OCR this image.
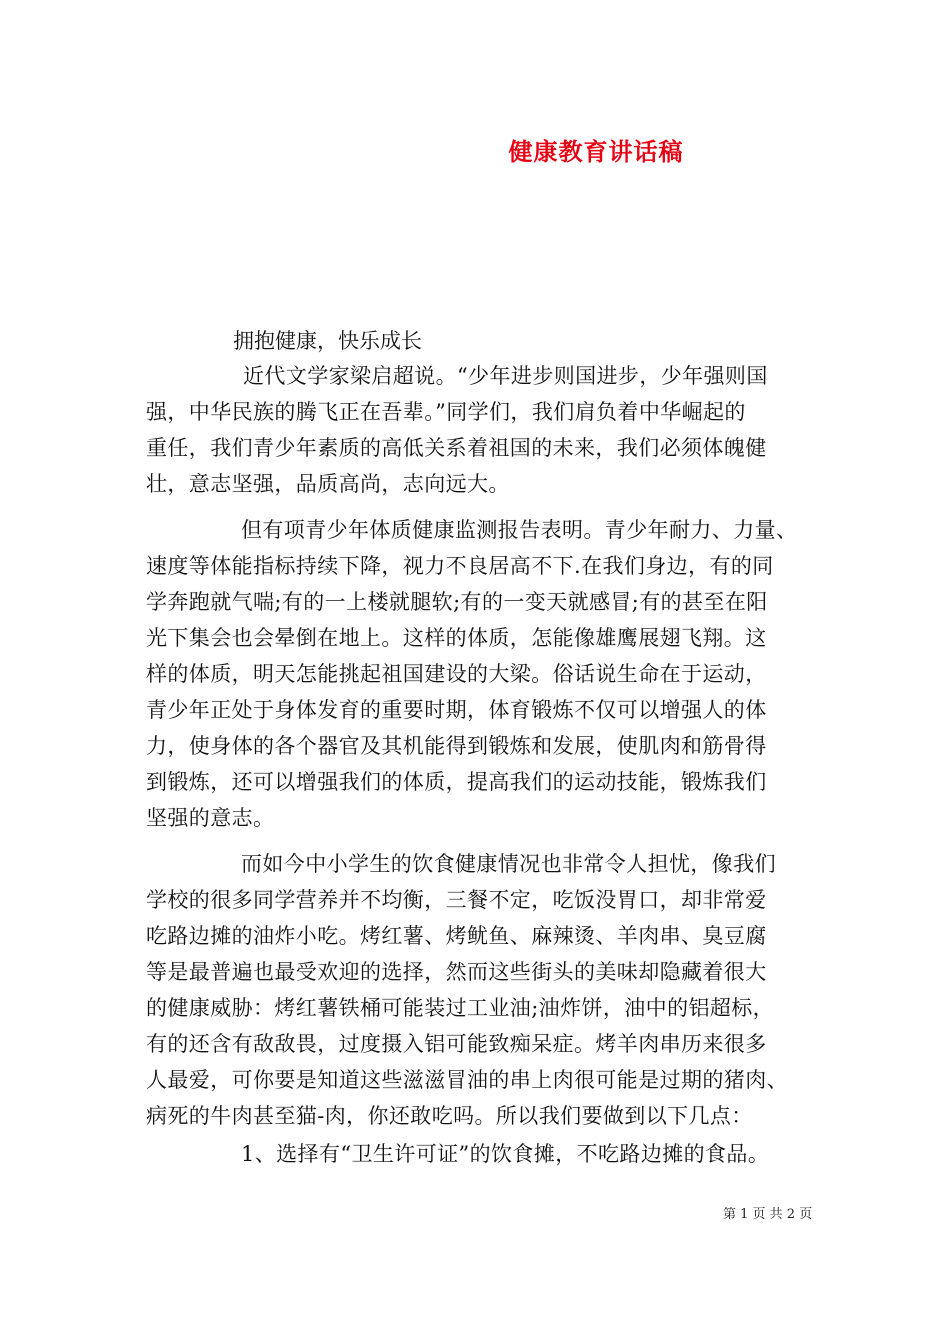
健康教育讲话稿
拥抱健康，快乐成长
近代文学家梁启超说。“少年进步则国进步，少年强则国
强，中华民族的腾飞正在吾辈。”同学们，我们肩负着中华崛起的
重任，我们青少年素质的高低关系着祖国的未来，我们必须体魄健
壮，意志坚强，品质高尚，志向远大。
但有项青少年体质健康监测报告表明。青少年耐力、力量、
速度等体能指标持续下降，视力不良居高不下.在我们身边，有的同
学奔跑就气喘;有的一上楼就腿软;有的一变天就感冒;有的甚至在阳
光下集会也会晕倒在地上。这样的体质，怎能像雄鹰展翅飞翔。这
样的体质，明天怎能挑起祖国建设的大梁。俗话说生命在于运动，
青少年正处于身体发育的重要时期，体育锻炼不仅可以增强人的体
力，使身体的各个器官及其机能得到锻炼和发展，使肌肉和筋骨得
到锻炼，还可以增强我们的体质，提高我们的运动技能，锻炼我们
坚强的意志。
而如今中小学生的饮食健康情况也非常令人担忧，像我们
学校的很多同学营养并不均衡，三餐不定，吃饭没胃口，却非常爱
吃路边摊的油炸小吃。烤红薯、烤鱿鱼、麻辣烫、羊肉串、臭豆腐
等是最普遍也最受欢迎的选择，然而这些街头的美味却隐藏着很大
的健康威胁：烤红薯铁桶可能装过工业油;油炸饼，油中的铝超标，
有的还含有敌敌畏，过度摄入铝可能致痴呆症。烤羊肉串历来很多
人最爱，可你要是知道这些滋滋冒油的串上肉很可能是过期的猪肉、
病死的牛肉甚至猫-肉，你还敢吃吗。所以我们要做到以下几点：
1、选择有“卫生许可证”的饮食摊，不吃路边摊的食品。
第 1 页 共 2 页
